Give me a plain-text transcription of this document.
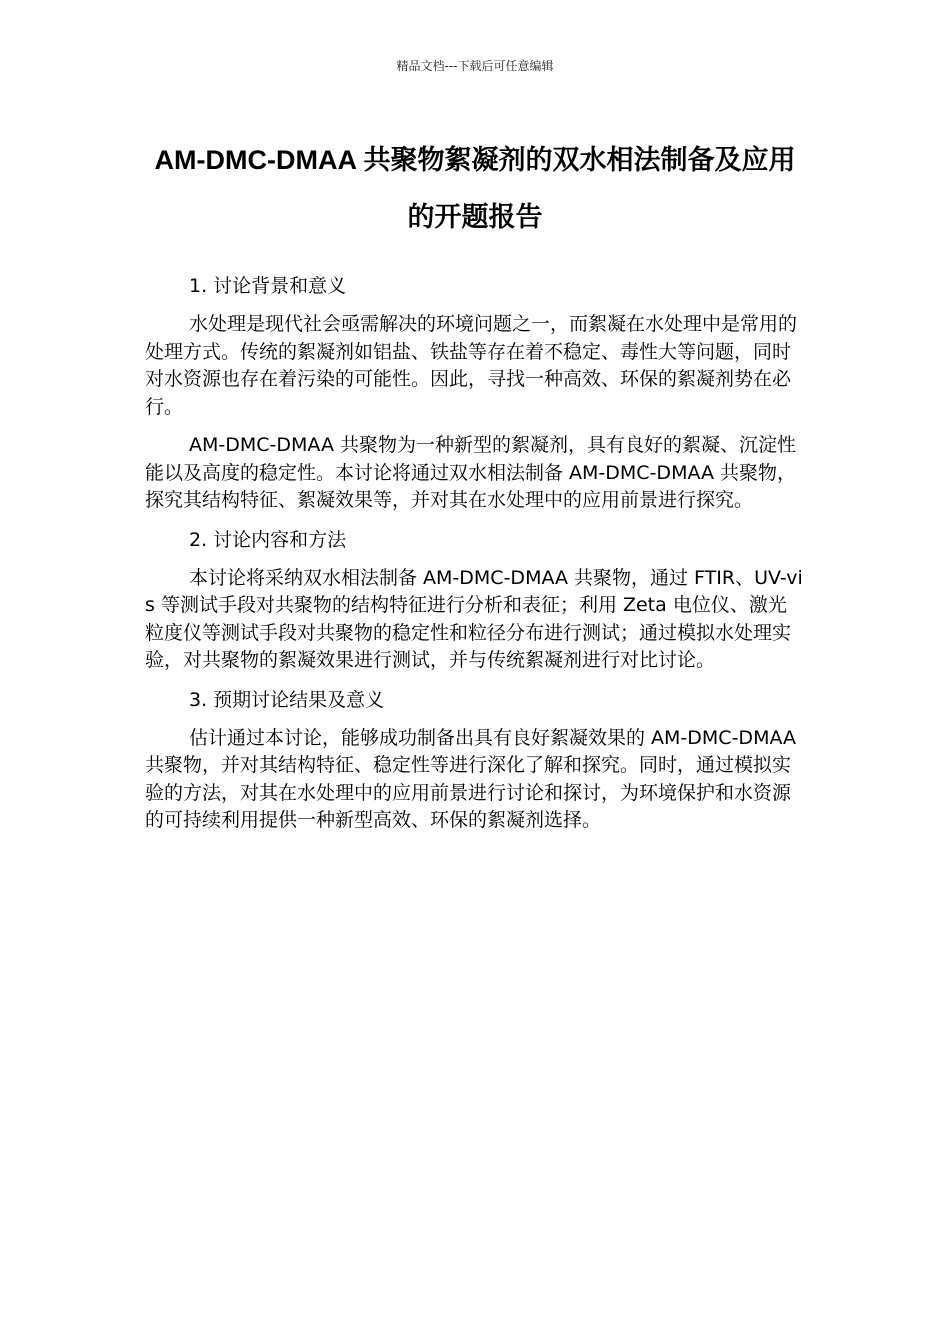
精品文档---下载后可任意编辑
AM-DMC-DMAA 共聚物絮凝剂的双水相法制备及应用的开题报告

1. 讨论背景和意义

水处理是现代社会亟需解决的环境问题之一，而絮凝在水处理中是常用的处理方式。传统的絮凝剂如铝盐、铁盐等存在着不稳定、毒性大等问题，同时对水资源也存在着污染的可能性。因此，寻找一种高效、环保的絮凝剂势在必行。

AM-DMC-DMAA 共聚物为一种新型的絮凝剂，具有良好的絮凝、沉淀性能以及高度的稳定性。本讨论将通过双水相法制备 AM-DMC-DMAA 共聚物，探究其结构特征、絮凝效果等，并对其在水处理中的应用前景进行探究。

2. 讨论内容和方法

本讨论将采纳双水相法制备 AM-DMC-DMAA 共聚物，通过 FTIR、UV-vis 等测试手段对共聚物的结构特征进行分析和表征；利用 Zeta 电位仪、激光粒度仪等测试手段对共聚物的稳定性和粒径分布进行测试；通过模拟水处理实验，对共聚物的絮凝效果进行测试，并与传统絮凝剂进行对比讨论。

3. 预期讨论结果及意义

估计通过本讨论，能够成功制备出具有良好絮凝效果的 AM-DMC-DMAA 共聚物，并对其结构特征、稳定性等进行深化了解和探究。同时，通过模拟实验的方法，对其在水处理中的应用前景进行讨论和探讨，为环境保护和水资源的可持续利用提供一种新型高效、环保的絮凝剂选择。
